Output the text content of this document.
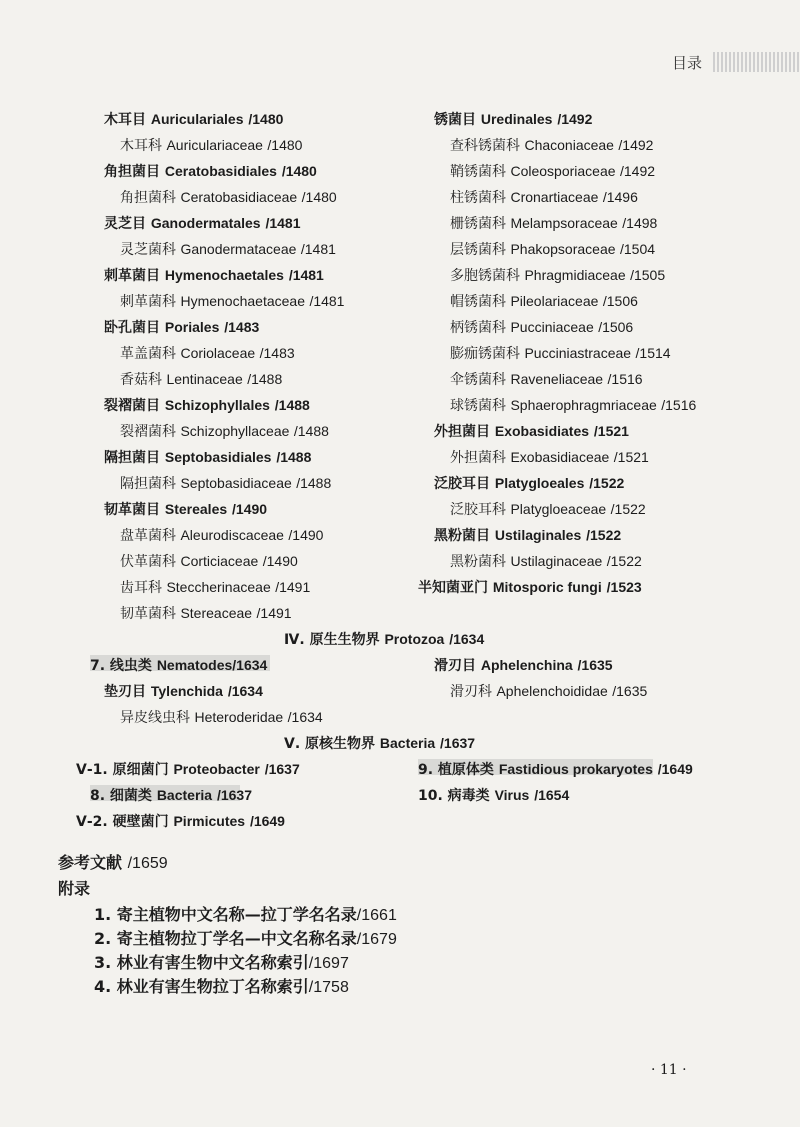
目录
木耳目 Auriculariales /1480
木耳科 Auriculariaceae /1480
角担菌目 Ceratobasidiales /1480
角担菌科 Ceratobasidiaceae /1480
灵芝目 Ganodermatales /1481
灵芝菌科 Ganodermataceae /1481
刺革菌目 Hymenochaetales /1481
刺革菌科 Hymenochaetaceae /1481
卧孔菌目 Poriales /1483
革盖菌科 Coriolaceae /1483
香菇科 Lentinaceae /1488
裂褶菌目 Schizophyllales /1488
裂褶菌科 Schizophyllaceae /1488
隔担菌目 Septobasidiales /1488
隔担菌科 Septobasidiaceae /1488
韧革菌目 Stereales /1490
盘革菌科 Aleurodiscaceae /1490
伏革菌科 Corticiaceae /1490
齿耳科 Steccherinaceae /1491
韧革菌科 Stereaceae /1491
锈菌目 Uredinales /1492
查科锈菌科 Chaconiaceae /1492
鞘锈菌科 Coleosporiaceae /1492
柱锈菌科 Cronartiaceae /1496
栅锈菌科 Melampsoraceae /1498
层锈菌科 Phakopsoraceae /1504
多胞锈菌科 Phragmidiaceae /1505
帽锈菌科 Pileolariaceae /1506
柄锈菌科 Pucciniaceae /1506
膨痂锈菌科 Pucciniastraceae /1514
伞锈菌科 Raveneliaceae /1516
球锈菌科 Sphaerophragmriaceae /1516
外担菌目 Exobasidiates /1521
外担菌科 Exobasidiaceae /1521
泛胶耳目 Platygloeales /1522
泛胶耳科 Platygloeaceae /1522
黑粉菌目 Ustilaginales /1522
黑粉菌科 Ustilaginaceae /1522
半知菌亚门 Mitosporic fungi /1523
Ⅳ. 原生生物界 Protozoa /1634
7. 线虫类 Nematodes/1634
垫刃目 Tylenchida /1634
异皮线虫科 Heteroderidae /1634
滑刃目 Aphelenchina /1635
滑刃科 Aphelenchoididae /1635
Ⅴ. 原核生物界 Bacteria /1637
Ⅴ-1. 原细菌门 Proteobacter /1637
8. 细菌类 Bacteria /1637
Ⅴ-2. 硬壁菌门 Pirmicutes /1649
9. 植原体类 Fastidious prokaryotes /1649
10. 病毒类 Virus /1654
参考文献 /1659
附录
1. 寄主植物中文名称—拉丁学名名录/1661
2. 寄主植物拉丁学名—中文名称名录/1679
3. 林业有害生物中文名称索引/1697
4. 林业有害生物拉丁名称索引/1758
· 11 ·
